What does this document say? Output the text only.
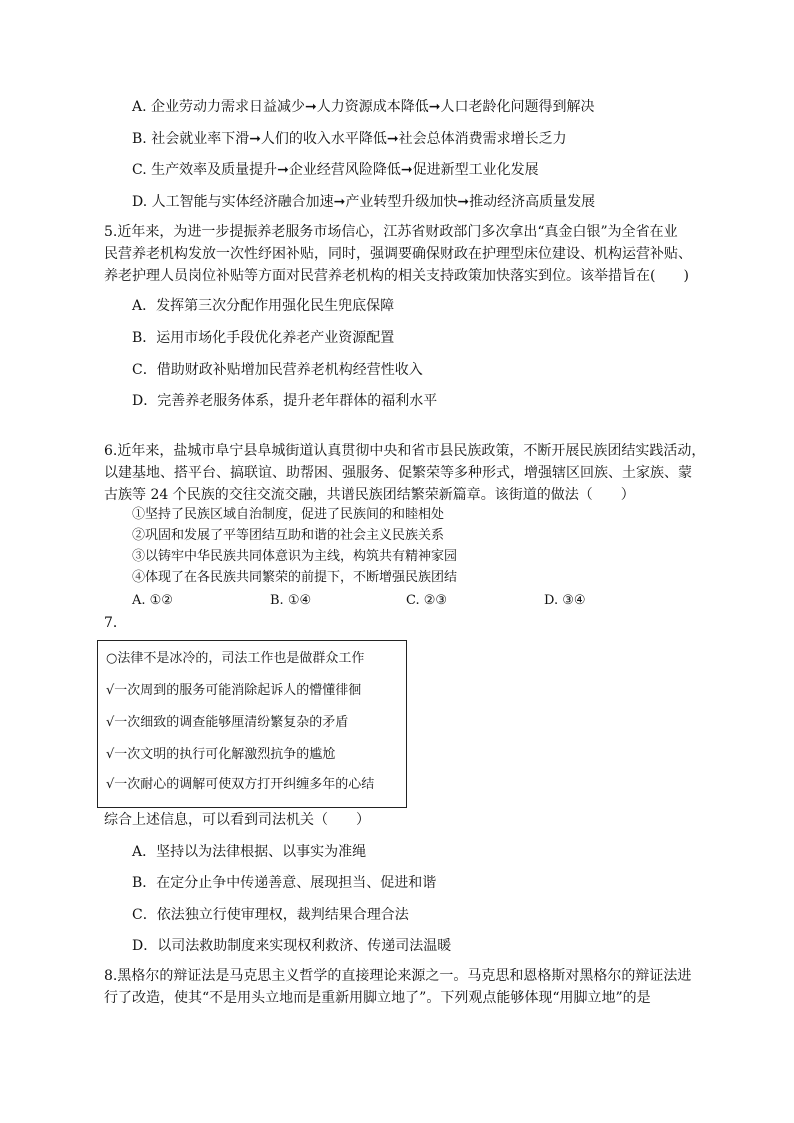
A. 企业劳动力需求日益减少➞人力资源成本降低➞人口老龄化问题得到解决
B. 社会就业率下滑➞人们的收入水平降低➞社会总体消费需求增长乏力
C. 生产效率及质量提升➞企业经营风险降低➞促进新型工业化发展
D. 人工智能与实体经济融合加速➞产业转型升级加快➞推动经济高质量发展
5.近年来，为进一步提振养老服务市场信心，江苏省财政部门多次拿出“真金白银”为全省在业
民营养老机构发放一次性纾困补贴，同时，强调要确保财政在护理型床位建设、机构运营补贴、
养老护理人员岗位补贴等方面对民营养老机构的相关支持政策加快落实到位。该举措旨在(　　)
A．发挥第三次分配作用强化民生兜底保障
B．运用市场化手段优化养老产业资源配置
C．借助财政补贴增加民营养老机构经营性收入
D．完善养老服务体系，提升老年群体的福利水平
6.近年来，盐城市阜宁县阜城街道认真贯彻中央和省市县民族政策，不断开展民族团结实践活动，
以建基地、搭平台、搞联谊、助帮困、强服务、促繁荣等多种形式，增强辖区回族、土家族、蒙
古族等 24 个民族的交往交流交融，共谱民族团结繁荣新篇章。该街道的做法（　　）
①坚持了民族区域自治制度，促进了民族间的和睦相处
②巩固和发展了平等团结互助和谐的社会主义民族关系
③以铸牢中华民族共同体意识为主线，构筑共有精神家园
④体现了在各民族共同繁荣的前提下，不断增强民族团结
A. ①②	B. ①④	C. ②③	D. ③④
7．
○法律不是冰冷的，司法工作也是做群众工作
√一次周到的服务可能消除起诉人的懵懂徘徊
√一次细致的调查能够厘清纷繁复杂的矛盾
√一次文明的执行可化解激烈抗争的尴尬
√一次耐心的调解可使双方打开纠缠多年的心结
综合上述信息，可以看到司法机关（　　）
A．坚持以为法律根据、以事实为准绳
B．在定分止争中传递善意、展现担当、促进和谐
C．依法独立行使审理权，裁判结果合理合法
D．以司法救助制度来实现权利救济、传递司法温暖
8.黑格尔的辩证法是马克思主义哲学的直接理论来源之一。马克思和恩格斯对黑格尔的辩证法进
行了改造，使其“不是用头立地而是重新用脚立地了”。下列观点能够体现“用脚立地”的是
